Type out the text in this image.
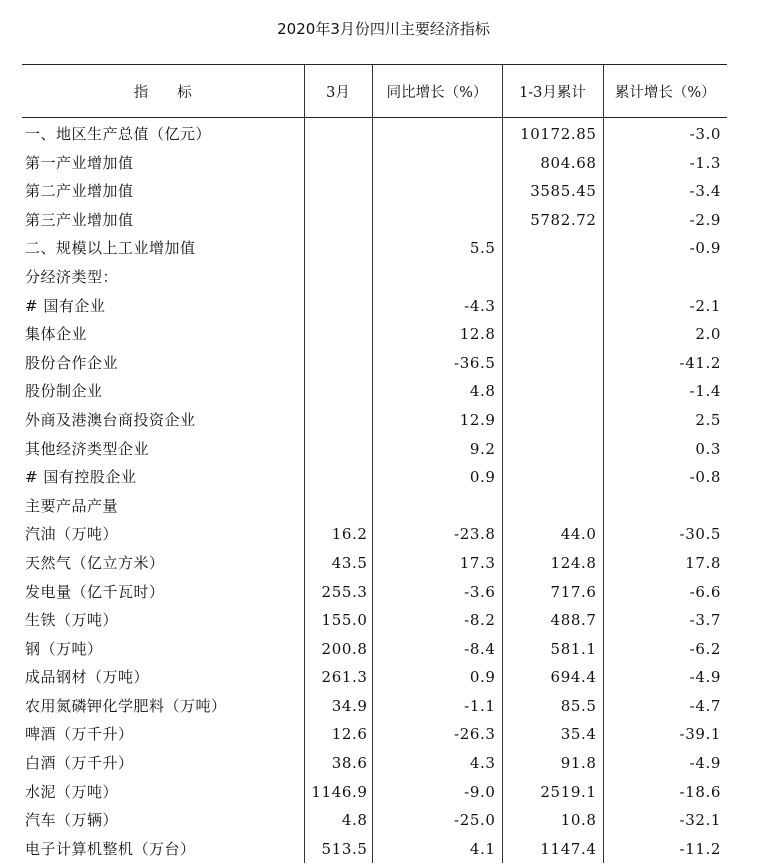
2020年3月份四川主要经济指标
指　　标	3月	同比增长（%）	1-3月累计	累计增长（%）
一、地区生产总值（亿元）			10172.85	-3.0
第一产业增加值			804.68	-1.3
第二产业增加值			3585.45	-3.4
第三产业增加值			5782.72	-2.9
二、规模以上工业增加值		5.5		-0.9
分经济类型：				
# 国有企业		-4.3		-2.1
集体企业		12.8		2.0
股份合作企业		-36.5		-41.2
股份制企业		4.8		-1.4
外商及港澳台商投资企业		12.9		2.5
其他经济类型企业		9.2		0.3
# 国有控股企业		0.9		-0.8
主要产品产量				
汽油（万吨）	16.2	-23.8	44.0	-30.5
天然气（亿立方米）	43.5	17.3	124.8	17.8
发电量（亿千瓦时）	255.3	-3.6	717.6	-6.6
生铁（万吨）	155.0	-8.2	488.7	-3.7
钢（万吨）	200.8	-8.4	581.1	-6.2
成品钢材（万吨）	261.3	0.9	694.4	-4.9
农用氮磷钾化学肥料（万吨）	34.9	-1.1	85.5	-4.7
啤酒（万千升）	12.6	-26.3	35.4	-39.1
白酒（万千升）	38.6	4.3	91.8	-4.9
水泥（万吨）	1146.9	-9.0	2519.1	-18.6
汽车（万辆）	4.8	-25.0	10.8	-32.1
电子计算机整机（万台）	513.5	4.1	1147.4	-11.2
